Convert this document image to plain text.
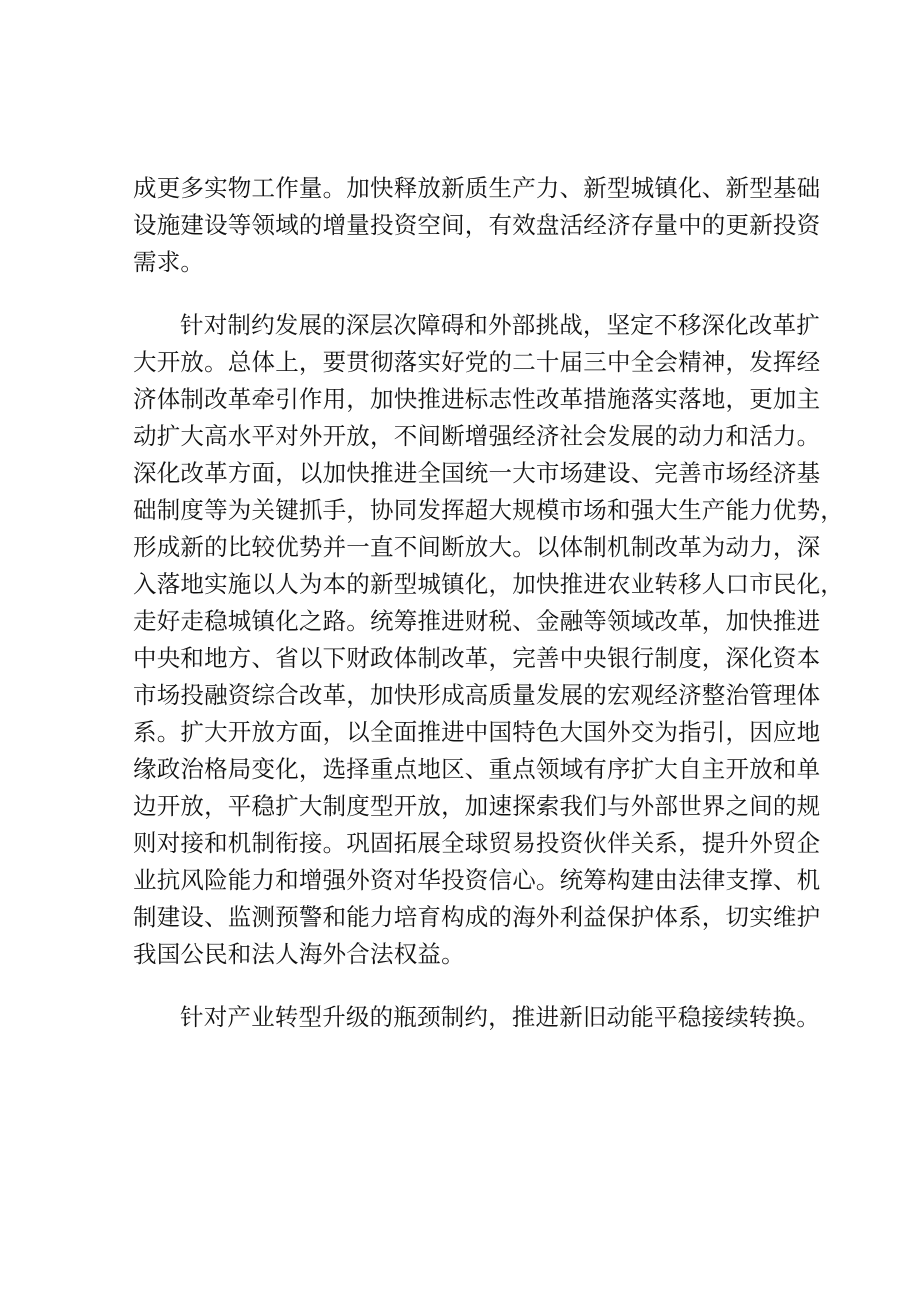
成更多实物工作量。加快释放新质生产力、新型城镇化、新型基础
设施建设等领域的增量投资空间，有效盘活经济存量中的更新投资
需求。
针对制约发展的深层次障碍和外部挑战，坚定不移深化改革扩
大开放。总体上，要贯彻落实好党的二十届三中全会精神，发挥经
济体制改革牵引作用，加快推进标志性改革措施落实落地，更加主
动扩大高水平对外开放，不间断增强经济社会发展的动力和活力。
深化改革方面，以加快推进全国统一大市场建设、完善市场经济基
础制度等为关键抓手，协同发挥超大规模市场和强大生产能力优势，
形成新的比较优势并一直不间断放大。以体制机制改革为动力，深
入落地实施以人为本的新型城镇化，加快推进农业转移人口市民化，
走好走稳城镇化之路。统筹推进财税、金融等领域改革，加快推进
中央和地方、省以下财政体制改革，完善中央银行制度，深化资本
市场投融资综合改革，加快形成高质量发展的宏观经济整治管理体
系。扩大开放方面，以全面推进中国特色大国外交为指引，因应地
缘政治格局变化，选择重点地区、重点领域有序扩大自主开放和单
边开放，平稳扩大制度型开放，加速探索我们与外部世界之间的规
则对接和机制衔接。巩固拓展全球贸易投资伙伴关系，提升外贸企
业抗风险能力和增强外资对华投资信心。统筹构建由法律支撑、机
制建设、监测预警和能力培育构成的海外利益保护体系，切实维护
我国公民和法人海外合法权益。
针对产业转型升级的瓶颈制约，推进新旧动能平稳接续转换。
